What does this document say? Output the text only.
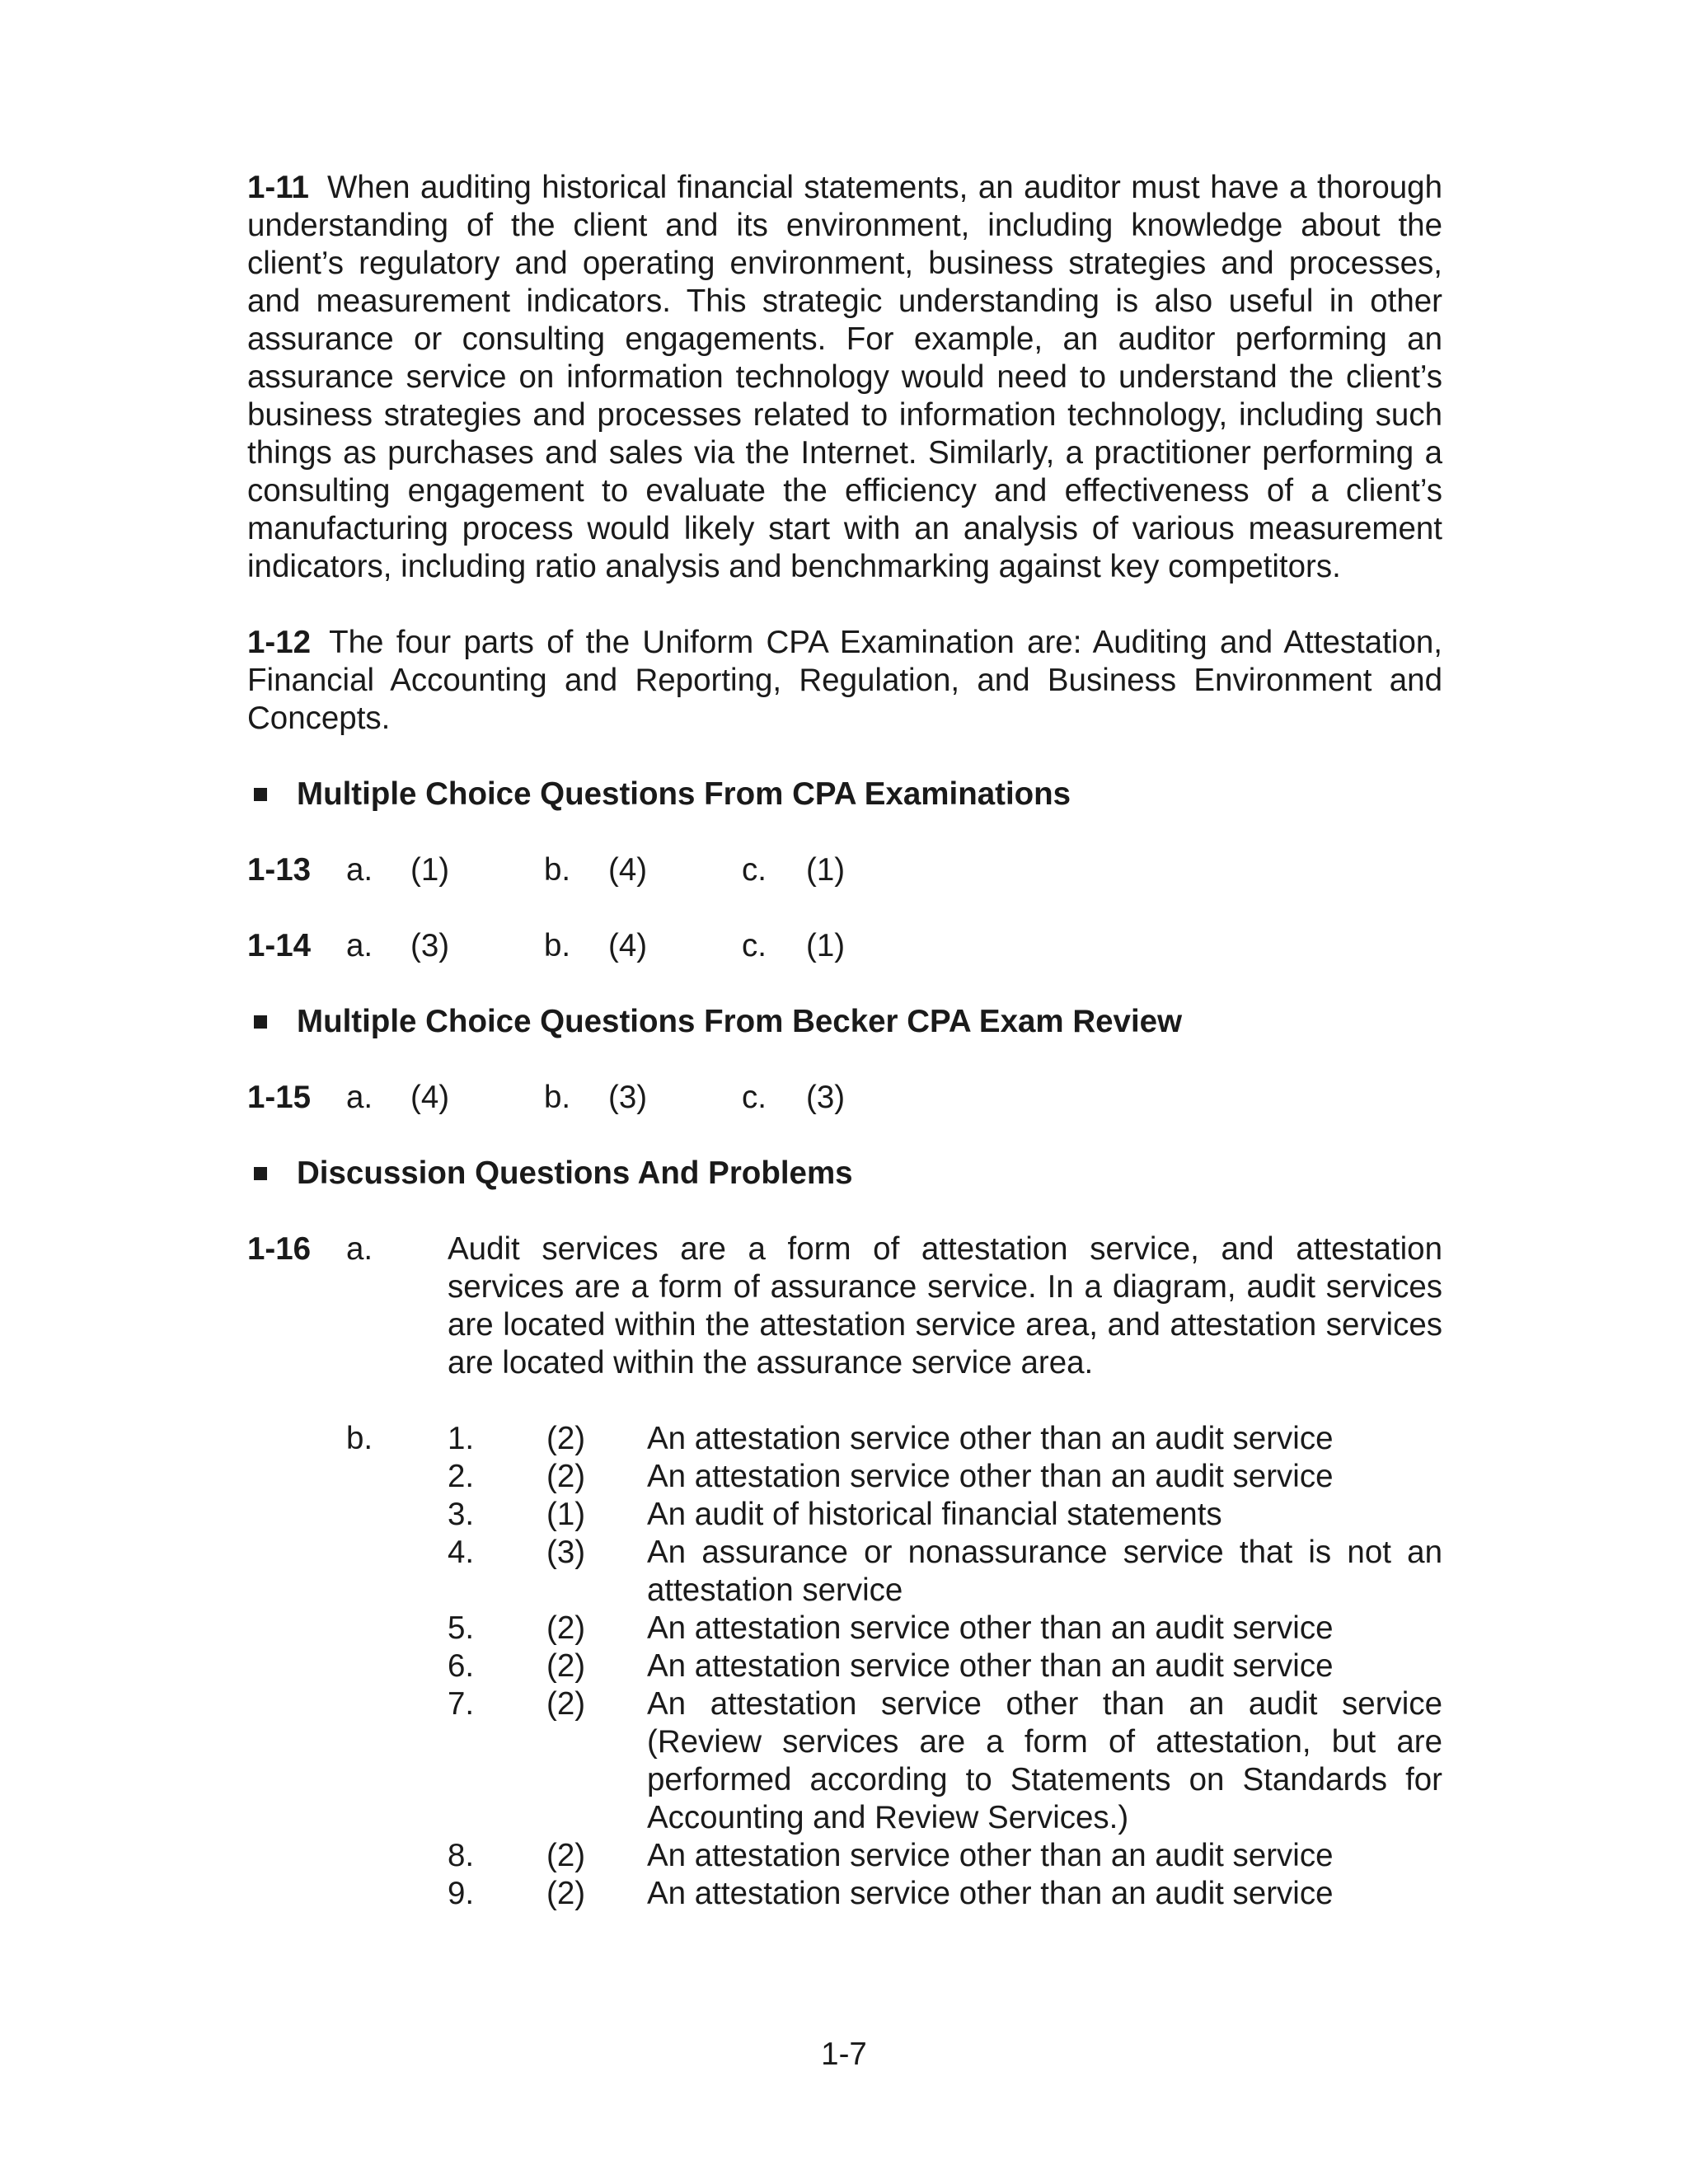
1-11 When auditing historical financial statements, an auditor must have a thorough understanding of the client and its environment, including knowledge about the client’s regulatory and operating environment, business strategies and processes, and measurement indicators. This strategic understanding is also useful in other assurance or consulting engagements. For example, an auditor performing an assurance service on information technology would need to understand the client’s business strategies and processes related to information technology, including such things as purchases and sales via the Internet. Similarly, a practitioner performing a consulting engagement to evaluate the efficiency and effectiveness of a client’s manufacturing process would likely start with an analysis of various measurement indicators, including ratio analysis and benchmarking against key competitors.

1-12 The four parts of the Uniform CPA Examination are: Auditing and Attestation, Financial Accounting and Reporting, Regulation, and Business Environment and Concepts.

Multiple Choice Questions From CPA Examinations

1-13 a. (1)	b. (4)	c. (1)
1-14 a. (3)	b. (4)	c. (1)

Multiple Choice Questions From Becker CPA Exam Review

1-15 a. (4)	b. (3)	c. (3)

Discussion Questions And Problems

1-16 a. Audit services are a form of attestation service, and attestation services are a form of assurance service. In a diagram, audit services are located within the attestation service area, and attestation services are located within the assurance service area.
b. 1. (2) An attestation service other than an audit service
2. (2) An attestation service other than an audit service
3. (1) An audit of historical financial statements
4. (3) An assurance or nonassurance service that is not an attestation service
5. (2) An attestation service other than an audit service
6. (2) An attestation service other than an audit service
7. (2) An attestation service other than an audit service (Review services are a form of attestation, but are performed according to Statements on Standards for Accounting and Review Services.)
8. (2) An attestation service other than an audit service
9. (2) An attestation service other than an audit service
1-7
